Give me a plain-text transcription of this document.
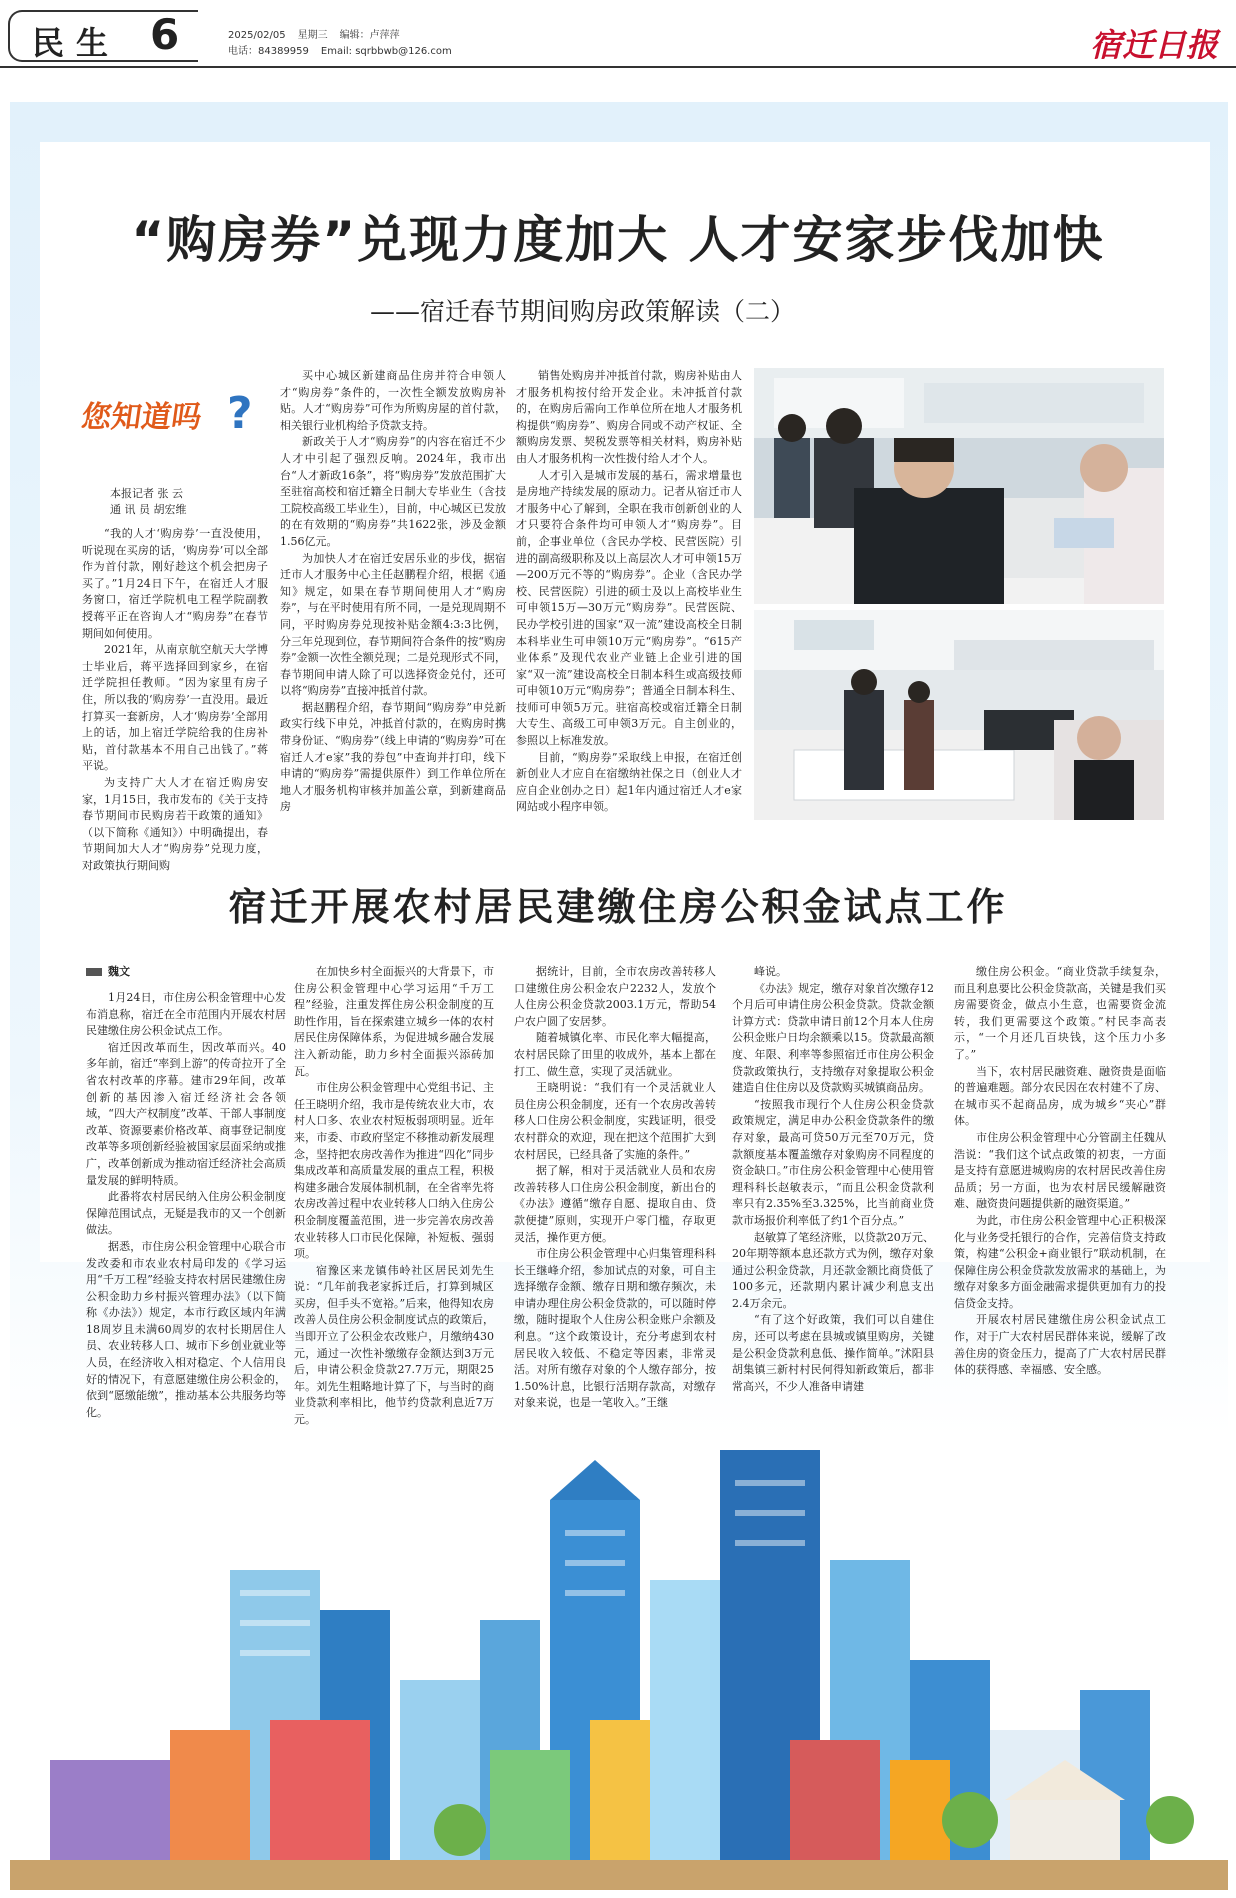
民生 6	2025/02/05 星期三 编辑：卢萍萍
电话：84389959 Email: sqrbbwb@126.com	宿迁日报
“购房券”兑现力度加大 人才安家步伐加快
——宿迁春节期间购房政策解读（二）
您知道吗 ?
本报记者 张 云
通 讯 员 胡宏维

“我的人才‘购房券’一直没使用，听说现在买房的话，‘购房券’可以全部作为首付款，刚好趁这个机会把房子买了。”1月24日下午，在宿迁人才服务窗口，宿迁学院机电工程学院副教授蒋平正在咨询人才“购房券”在春节期间如何使用。

2021年，从南京航空航天大学博士毕业后，蒋平选择回到家乡，在宿迁学院担任教师。“因为家里有房子住，所以我的‘购房券’一直没用。最近打算买一套新房，人才‘购房券’全部用上的话，加上宿迁学院给我的住房补贴，首付款基本不用自己出钱了。”蒋平说。

为支持广大人才在宿迁购房安家，1月15日，我市发布的《关于支持春节期间市民购房若干政策的通知》（以下简称《通知》）中明确提出，春节期间加大人才“购房券”兑现力度，对政策执行期间购

买中心城区新建商品住房并符合申领人才“购房券”条件的，一次性全额发放购房补贴。人才“购房券”可作为所购房屋的首付款，相关银行业机构给予贷款支持。

新政关于人才“购房券”的内容在宿迁不少人才中引起了强烈反响。2024年，我市出台“人才新政16条”，将“购房券”发放范围扩大至驻宿高校和宿迁籍全日制大专毕业生（含技工院校高级工毕业生），目前，中心城区已发放的在有效期的“购房券”共1622张，涉及金额1.56亿元。

为加快人才在宿迁安居乐业的步伐，据宿迁市人才服务中心主任赵鹏程介绍，根据《通知》规定，如果在春节期间使用人才“购房券”，与在平时使用有所不同，一是兑现周期不同，平时购房券兑现按补贴金额4:3:3比例，分三年兑现到位，春节期间符合条件的按“购房券”金额一次性全额兑现；二是兑现形式不同，春节期间申请人除了可以选择资金兑付，还可以将“购房券”直接冲抵首付款。

据赵鹏程介绍，春节期间“购房券”申兑新政实行线下申兑，冲抵首付款的，在购房时携带身份证、“购房券”（线上申请的“购房券”可在宿迁人才e家”我的券包”中查询并打印，线下申请的“购房券”需提供原件）到工作单位所在地人才服务机构审核并加盖公章，到新建商品房

销售处购房并冲抵首付款，购房补贴由人才服务机构按付给开发企业。未冲抵首付款的，在购房后需向工作单位所在地人才服务机构提供“购房券”、购房合同或不动产权证、全额购房发票、契税发票等相关材料，购房补贴由人才服务机构一次性拨付给人才个人。

人才引入是城市发展的基石，需求增量也是房地产持续发展的原动力。记者从宿迁市人才服务中心了解到，全职在我市创新创业的人才只要符合条件均可申领人才“购房券”。目前，企事业单位（含民办学校、民营医院）引进的副高级职称及以上高层次人才可申领15万—200万元不等的“购房券”。企业（含民办学校、民营医院）引进的硕士及以上高校毕业生可申领15万—30万元“购房券”。民营医院、民办学校引进的国家“双一流”建设高校全日制本科毕业生可申领10万元“购房券”。“615产业体系”及现代农业产业链上企业引进的国家“双一流”建设高校全日制本科生或高级技师可申领10万元“购房券”；普通全日制本科生、技师可申领5万元。驻宿高校或宿迁籍全日制大专生、高级工可申领3万元。自主创业的，参照以上标准发放。

目前，“购房券”采取线上申报，在宿迁创新创业人才应自在宿缴纳社保之日（创业人才应自企业创办之日）起1年内通过宿迁人才e家网站或小程序申领。

宿迁开展农村居民建缴住房公积金试点工作
魏文

1月24日，市住房公积金管理中心发布消息称，宿迁在全市范围内开展农村居民建缴住房公积金试点工作。

宿迁因改革而生，因改革而兴。40多年前，宿迁“率到上游”的传奇拉开了全省农村改革的序幕。建市29年间，改革创新的基因渗入宿迁经济社会各领域，“四大产权制度”改革、干部人事制度改革、资源要素价格改革、商事登记制度改革等多项创新经验被国家层面采纳或推广，改革创新成为推动宿迁经济社会高质量发展的鲜明特质。

此番将农村居民纳入住房公积金制度保障范围试点，无疑是我市的又一个创新做法。

据悉，市住房公积金管理中心联合市发改委和市农业农村局印发的《学习运用“千万工程”经验支持农村居民建缴住房公积金助力乡村振兴管理办法》（以下简称《办法》）规定，本市行政区域内年满18周岁且未满60周岁的农村长期居住人员、农业转移人口、城市下乡创业就业等人员，在经济收入相对稳定、个人信用良好的情况下，有意愿建缴住房公积金的，依到“愿缴能缴”，推动基本公共服务均等化。

在加快乡村全面振兴的大背景下，市住房公积金管理中心学习运用“千万工程”经验，注重发挥住房公积金制度的互助性作用，旨在探索建立城乡一体的农村居民住房保障体系，为促进城乡融合发展注入新动能，助力乡村全面振兴添砖加瓦。

市住房公积金管理中心党组书记、主任王晓明介绍，我市是传统农业大市，农村人口多、农业农村短板弱项明显。近年来，市委、市政府坚定不移推动新发展理念，坚持把农房改善作为推进“四化”同步集成改革和高质量发展的重点工程，积极构建多融合发展体制机制，在全省率先将农房改善过程中农业转移人口纳入住房公积金制度覆盖范围，进一步完善农房改善农业转移人口市民化保障，补短板、强弱项。

宿豫区来龙镇伟岭社区居民刘先生说：“几年前我老家拆迁后，打算到城区买房，但手头不宽裕。”后来，他得知农房改善人员住房公积金制度试点的政策后，当即开立了公积金农改账户，月缴纳430元，通过一次性补缴缴存金额达到3万元后，申请公积金贷款27.7万元，期限25年。刘先生粗略地计算了下，与当时的商业贷款利率相比，他节约贷款利息近7万元。

据统计，目前，全市农房改善转移人口建缴住房公积金农户2232人，发放个人住房公积金贷款2003.1万元，帮助54户农户圆了安居梦。

随着城镇化率、市民化率大幅提高，农村居民除了田里的收成外，基本上都在打工、做生意，实现了灵活就业。

王晓明说：“我们有一个灵活就业人员住房公积金制度，还有一个农房改善转移人口住房公积金制度，实践证明，很受农村群众的欢迎，现在把这个范围扩大到农村居民，已经具备了实施的条件。”

据了解，相对于灵活就业人员和农房改善转移人口住房公积金制度，新出台的《办法》遵循“缴存自愿、提取自由、贷款便捷”原则，实现开户零门槛，存取更灵活，操作更方便。

市住房公积金管理中心归集管理科科长王继峰介绍，参加试点的对象，可自主选择缴存金额、缴存日期和缴存频次，未申请办理住房公积金贷款的，可以随时停缴，随时提取个人住房公积金账户余额及利息。“这个政策设计，充分考虑到农村居民收入较低、不稳定等因素，非常灵活。对所有缴存对象的个人缴存部分，按1.50%计息，比银行活期存款高，对缴存对象来说，也是一笔收入。”王继

峰说。

《办法》规定，缴存对象首次缴存12个月后可申请住房公积金贷款。贷款金额计算方式：贷款申请日前12个月本人住房公积金账户日均余额乘以15。贷款最高额度、年限、利率等参照宿迁市住房公积金贷款政策执行，支持缴存对象提取公积金建造自住住房以及贷款购买城镇商品房。

“按照我市现行个人住房公积金贷款政策规定，满足申办公积金贷款条件的缴存对象，最高可贷50万元至70万元，贷款额度基本覆盖缴存对象购房不同程度的资金缺口。”市住房公积金管理中心使用管理科科长赵敏表示，“而且公积金贷款利率只有2.35%至3.325%，比当前商业贷款市场报价利率低了约1个百分点。”

赵敏算了笔经济账，以贷款20万元、20年期等额本息还款方式为例，缴存对象通过公积金贷款，月还款金额比商贷低了100多元，还款期内累计减少利息支出2.4万余元。

“有了这个好政策，我们可以自建住房，还可以考虑在县城或镇里购房，关键是公积金贷款利息低、操作简单。”沭阳县胡集镇三新村村民何得知新政策后，都非常高兴，不少人准备申请建

缴住房公积金。“商业贷款手续复杂，而且利息要比公积金贷款高，关键是我们买房需要资金，做点小生意，也需要资金流转，我们更需要这个政策。”村民李高表示，“一个月还几百块钱，这个压力小多了。”

当下，农村居民融资难、融资贵是面临的普遍难题。部分农民因在农村建不了房、在城市买不起商品房，成为城乡“夹心”群体。

市住房公积金管理中心分管副主任魏从浩说：“我们这个试点政策的初衷，一方面是支持有意愿进城购房的农村居民改善住房品质；另一方面，也为农村居民缓解融资难、融资贵问题提供新的融资渠道。”

为此，市住房公积金管理中心正积极深化与业务受托银行的合作，完善信贷支持政策，构建“公积金+商业银行”联动机制，在保障住房公积金贷款发放需求的基础上，为缴存对象多方面金融需求提供更加有力的投信贷金支持。

开展农村居民建缴住房公积金试点工作，对于广大农村居民群体来说，缓解了改善住房的资金压力，提高了广大农村居民群体的获得感、幸福感、安全感。
